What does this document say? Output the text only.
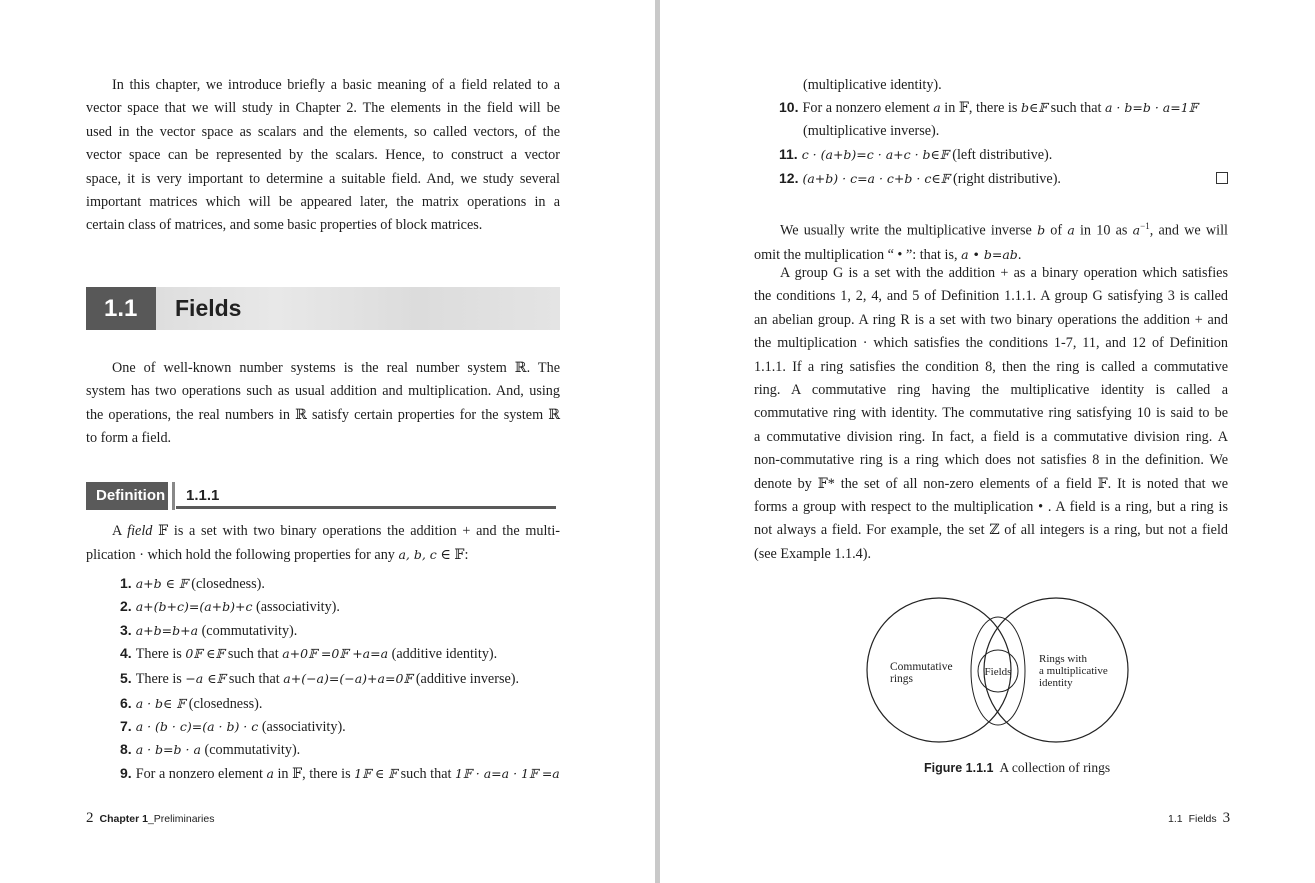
In this chapter, we introduce briefly a basic meaning of a field related to a
vector space that we will study in Chapter 2. The elements in the field will be
used in the vector space as scalars and the elements, so called vectors, of the
vector space can be represented by the scalars. Hence, to construct a vector
space, it is very important to determine a suitable field. And, we study several
important matrices which will be appeared later, the matrix operations in a
certain class of matrices, and some basic properties of block matrices.
1.1 Fields
One of well-known number systems is the real number system ℝ. The
system has two operations such as usual addition and multiplication. And, using
the operations, the real numbers in ℝ satisfy certain properties for the system ℝ
to form a field.
Definition 1.1.1
A field 𝔽 is a set with two binary operations the addition + and the multi-
plication · which hold the following properties for any a, b, c ∈ 𝔽:
1. a+b ∈ 𝔽 (closedness).
2. a+(b+c)=(a+b)+c (associativity).
3. a+b=b+a (commutativity).
4. There is 0𝔽 ∈𝔽 such that a+0𝔽 =0𝔽 +a=a (additive identity).
5. There is −a ∈𝔽 such that a+(−a)=(−a)+a=0𝔽 (additive inverse).
6. a · b∈ 𝔽 (closedness).
7. a · (b · c)=(a · b) · c (associativity).
8. a · b=b · a (commutativity).
9. For a nonzero element a in 𝔽, there is 1𝔽 ∈ 𝔽 such that 1𝔽 · a=a · 1𝔽 =a
2 Chapter 1_Preliminaries
(multiplicative identity).
10. For a nonzero element a in 𝔽, there is b∈𝔽 such that a · b=b · a=1𝔽
(multiplicative inverse).
11. c · (a+b)=c · a+c · b∈𝔽 (left distributive).
12. (a+b) · c=a · c+b · c∈𝔽 (right distributive).
We usually write the multiplicative inverse b of a in 10 as $a^{-1}$, and we will
omit the multiplication “ • ”: that is, a • b=ab.
A group G is a set with the addition + as a binary operation which satisfies
the conditions 1, 2, 4, and 5 of Definition 1.1.1. A group G satisfying 3 is called
an abelian group. A ring R is a set with two binary operations the addition + and
the multiplication · which satisfies the conditions 1-7, 11, and 12 of Definition
1.1.1. If a ring satisfies the condition 8, then the ring is called a commutative
ring. A commutative ring having the multiplicative identity is called a
commutative ring with identity. The commutative ring satisfying 10 is said to be
a commutative division ring. In fact, a field is a commutative division ring. A
non-commutative ring is a ring which does not satisfies 8 in the definition. We
denote by 𝔽* the set of all non-zero elements of a field 𝔽. It is noted that we
forms a group with respect to the multiplication • . A field is a ring, but a ring is
not always a field. For example, the set ℤ of all integers is a ring, but not a field
(see Example 1.1.4).
Commutative
rings
Fields
Rings with
a multiplicative
identity
Figure 1.1.1 A collection of rings
1.1 Fields 3
